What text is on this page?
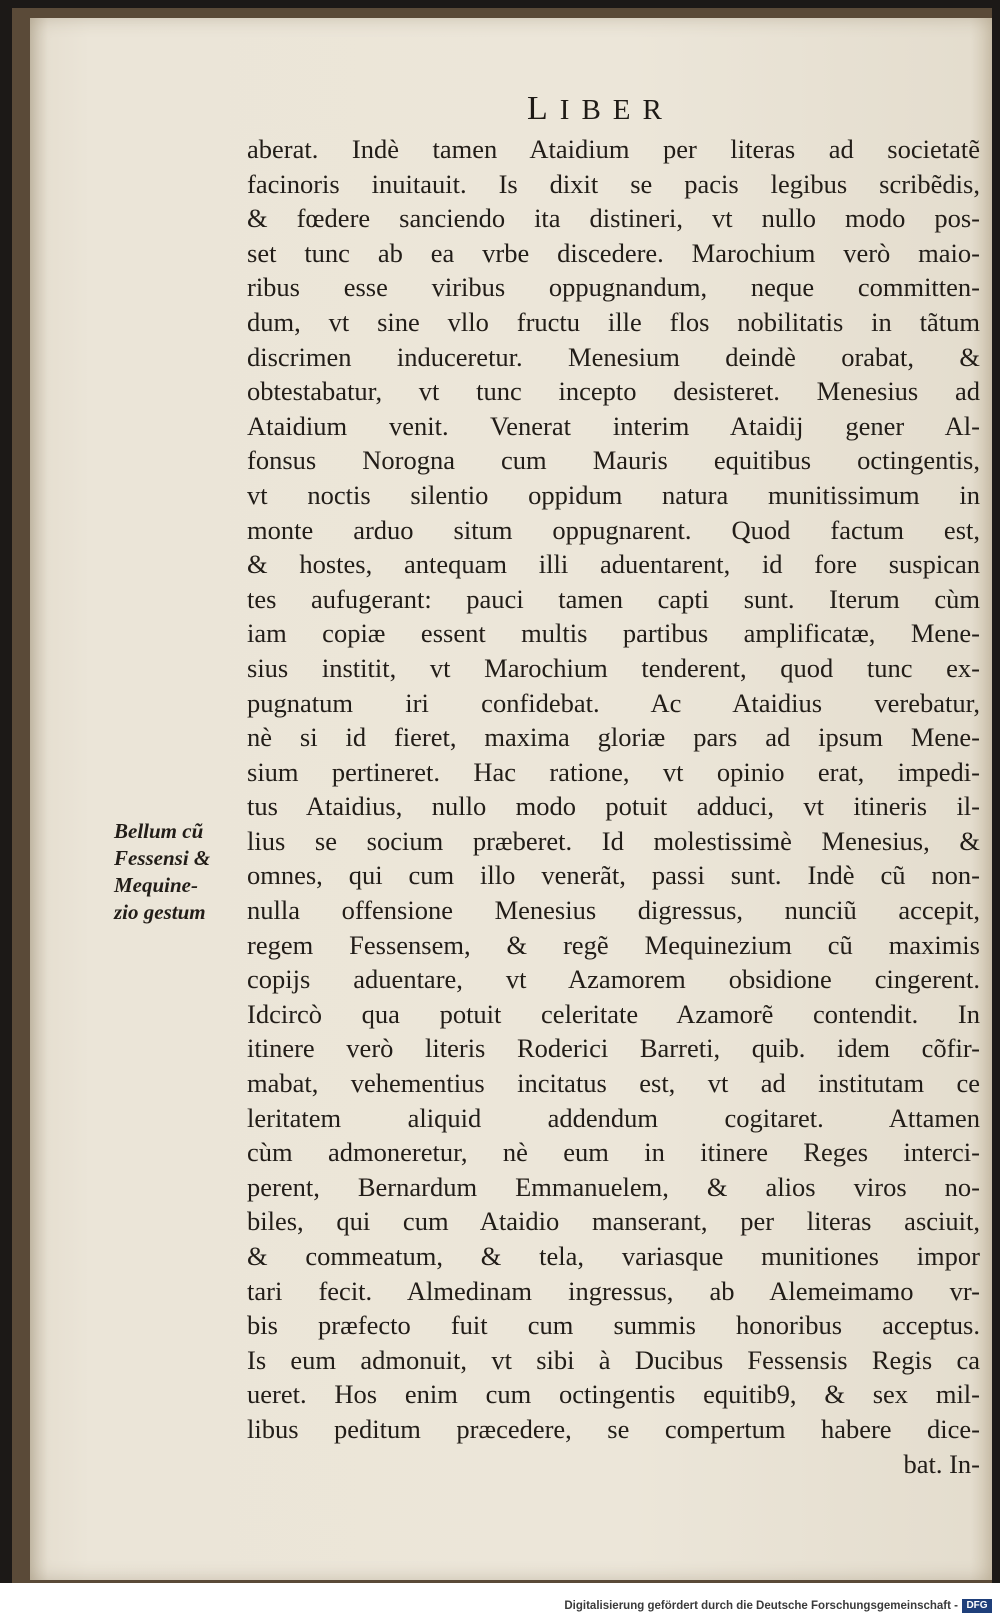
LIBER
Bellum cũ
Fessensi &
Mequine-
zio gestum
aberat. Indè tamen Ataidium per literas ad societatẽ
facinoris inuitauit. Is dixit se pacis legibus scribẽdis,
& fœdere sanciendo ita distineri, vt nullo modo pos-
set tunc ab ea vrbe discedere. Marochium verò maio-
ribus esse viribus oppugnandum, neque committen-
dum, vt sine vllo fructu ille flos nobilitatis in tãtum
discrimen induceretur. Menesium deindè orabat, &
obtestabatur, vt tunc incepto desisteret. Menesius ad
Ataidium venit. Venerat interim Ataidij gener Al-
fonsus Norogna cum Mauris equitibus octingentis,
vt noctis silentio oppidum natura munitissimum in
monte arduo situm oppugnarent. Quod factum est,
& hostes, antequam illi aduentarent, id fore suspican
tes aufugerant: pauci tamen capti sunt. Iterum cùm
iam copiæ essent multis partibus amplificatæ, Mene-
sius institit, vt Marochium tenderent, quod tunc ex-
pugnatum iri confidebat. Ac Ataidius verebatur,
nè si id fieret, maxima gloriæ pars ad ipsum Mene-
sium pertineret. Hac ratione, vt opinio erat, impedi-
tus Ataidius, nullo modo potuit adduci, vt itineris il-
lius se socium præberet. Id molestissimè Menesius, &
omnes, qui cum illo venerãt, passi sunt. Indè cũ non-
nulla offensione Menesius digressus, nunciũ accepit,
regem Fessensem, & regẽ Mequinezium cũ maximis
copijs aduentare, vt Azamorem obsidione cingerent.
Idcircò qua potuit celeritate Azamorẽ contendit. In
itinere verò literis Roderici Barreti, quib. idem cõfir-
mabat, vehementius incitatus est, vt ad institutam ce
leritatem aliquid addendum cogitaret. Attamen
cùm admoneretur, nè eum in itinere Reges interci-
perent, Bernardum Emmanuelem, & alios viros no-
biles, qui cum Ataidio manserant, per literas asciuit,
& commeatum, & tela, variasque munitiones impor
tari fecit. Almedinam ingressus, ab Alemeimamo vr-
bis præfecto fuit cum summis honoribus acceptus.
Is eum admonuit, vt sibi à Ducibus Fessensis Regis ca
ueret. Hos enim cum octingentis equitib9, & sex mil-
libus peditum præcedere, se compertum habere dice-
bat. In-
Digitalisierung gefördert durch die Deutsche Forschungsgemeinschaft - DFG
